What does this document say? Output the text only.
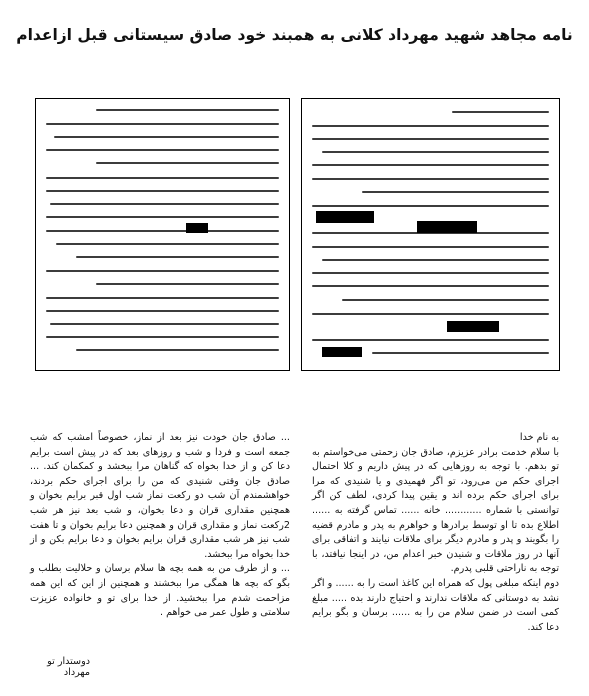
نامه مجاهد شهید مهرداد کلانی به همبند خود صادق سیستانی قبل از‌اعدام

به نام خدا

با سلام خدمت برادر عزیزم، صادق جان زحمتی می‌خواستم به تو بدهم. با توجه به روزهایی که در پیش داریم و کلا احتمال اجرای حکم من می‌رود، تو اگر فهمیدی و یا شنیدی که مرا برای اجرای حکم برده اند و یقین پیدا کردی، لطف کن اگر توانستی با شماره ............ خانه ...... تماس گرفته به ...... اطلاع بده تا او توسط برادرها و خواهرم به پدر و مادرم قضیه را بگویند و پدر و مادرم دیگر برای ملاقات نیایند و اتفاقی برای آنها در روز ملاقات و شنیدن خبر اعدام من، در اینجا نیافتد، با توجه به ناراحتی قلبی پدرم.

دوم اینکه مبلغی پول که همراه این کاغذ است را به ...... و اگر نشد به دوستانی که ملاقات ندارند و احتیاج دارند بده ..... مبلغ کمی است در ضمن سلام من را به ...... برسان و بگو برایم دعا کند.

... صادق جان خودت نیز بعد از نماز، خصوصاً امشب که شب جمعه است و فردا و شب و روزهای بعد که در پیش است برایم دعا کن و از خدا بخواه که گناهان مرا ببخشد و کمکمان کند. ... صادق جان وقتی شنیدی که من را برای اجرای حکم بردند، خواهشمندم آن شب دو رکعت نماز شب اول قبر برایم بخوان و همچنین مقداری قران و دعا بخوان، و شب بعد نیز هر شب 2رکعت نماز و مقداری قران و همچنین دعا برایم بخوان و تا هفت شب نیز هر شب مقداری قران برایم بخوان و دعا برایم بکن و از خدا بخواه مرا ببخشد.

... و از طرف من به همه بچه ها سلام برسان و حلالیت بطلب و بگو که بچه ها همگی مرا ببخشند و همچنین از این که این همه مزاحمت شدم مرا ببخشید. از خدا برای تو و خانواده عزیزت سلامتی و طول عمر می خواهم .

دوستدار تو مهرداد
